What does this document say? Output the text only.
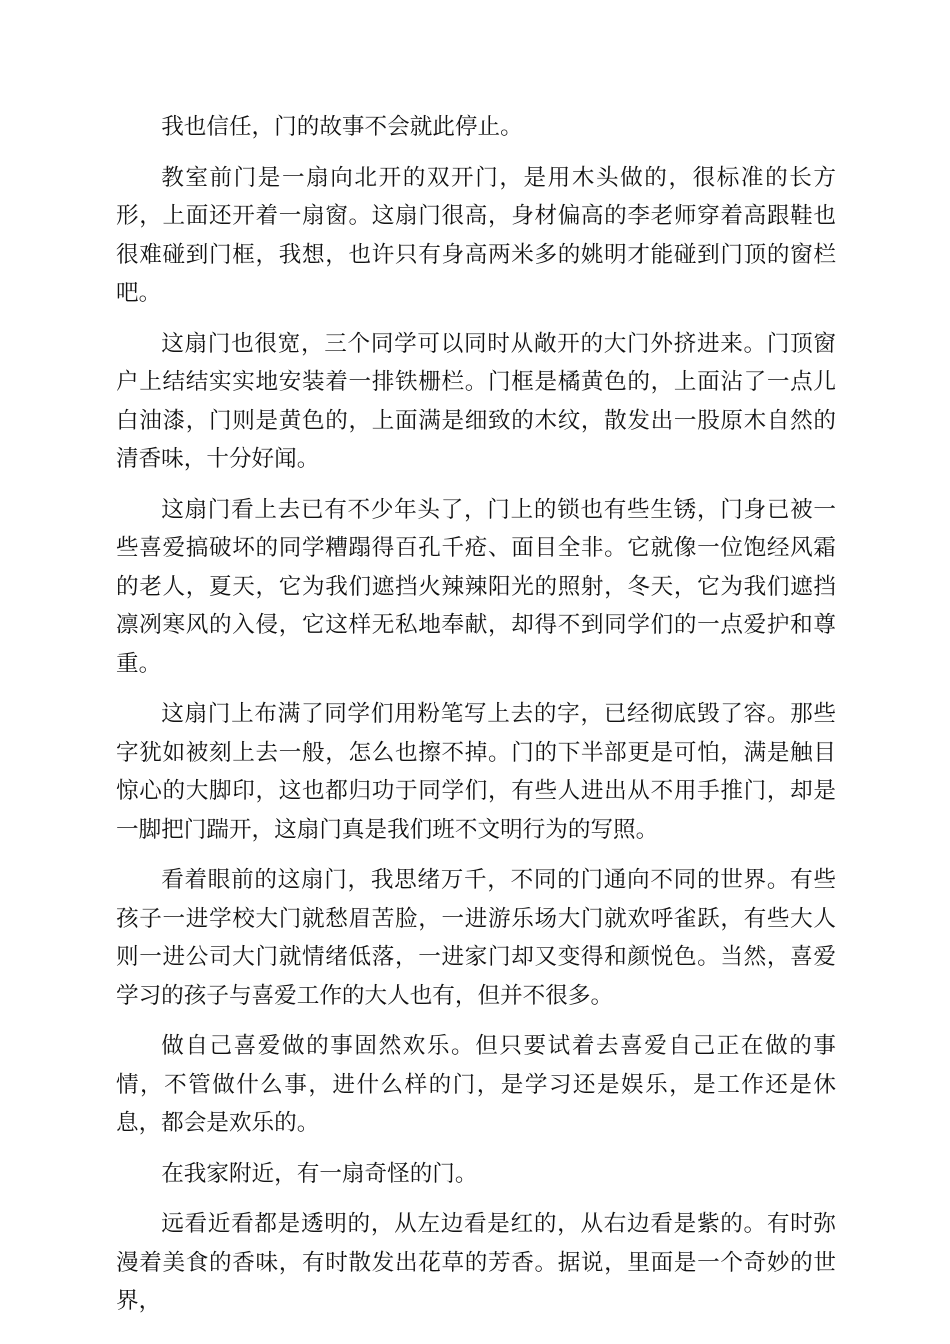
我也信任，门的故事不会就此停止。

教室前门是一扇向北开的双开门，是用木头做的，很标准的长方形，上面还开着一扇窗。这扇门很高，身材偏高的李老师穿着高跟鞋也很难碰到门框，我想，也许只有身高两米多的姚明才能碰到门顶的窗栏吧。

这扇门也很宽，三个同学可以同时从敞开的大门外挤进来。门顶窗户上结结实实地安装着一排铁栅栏。门框是橘黄色的，上面沾了一点儿白油漆，门则是黄色的，上面满是细致的木纹，散发出一股原木自然的清香味，十分好闻。

这扇门看上去已有不少年头了，门上的锁也有些生锈，门身已被一些喜爱搞破坏的同学糟蹋得百孔千疮、面目全非。它就像一位饱经风霜的老人，夏天，它为我们遮挡火辣辣阳光的照射，冬天，它为我们遮挡凛冽寒风的入侵，它这样无私地奉献，却得不到同学们的一点爱护和尊重。

这扇门上布满了同学们用粉笔写上去的字，已经彻底毁了容。那些字犹如被刻上去一般，怎么也擦不掉。门的下半部更是可怕，满是触目惊心的大脚印，这也都归功于同学们，有些人进出从不用手推门，却是一脚把门踹开，这扇门真是我们班不文明行为的写照。

看着眼前的这扇门，我思绪万千，不同的门通向不同的世界。有些孩子一进学校大门就愁眉苦脸，一进游乐场大门就欢呼雀跃，有些大人则一进公司大门就情绪低落，一进家门却又变得和颜悦色。当然，喜爱学习的孩子与喜爱工作的大人也有，但并不很多。

做自己喜爱做的事固然欢乐。但只要试着去喜爱自己正在做的事情，不管做什么事，进什么样的门，是学习还是娱乐，是工作还是休息，都会是欢乐的。

在我家附近，有一扇奇怪的门。

远看近看都是透明的，从左边看是红的，从右边看是紫的。有时弥漫着美食的香味，有时散发出花草的芳香。据说，里面是一个奇妙的世界，
